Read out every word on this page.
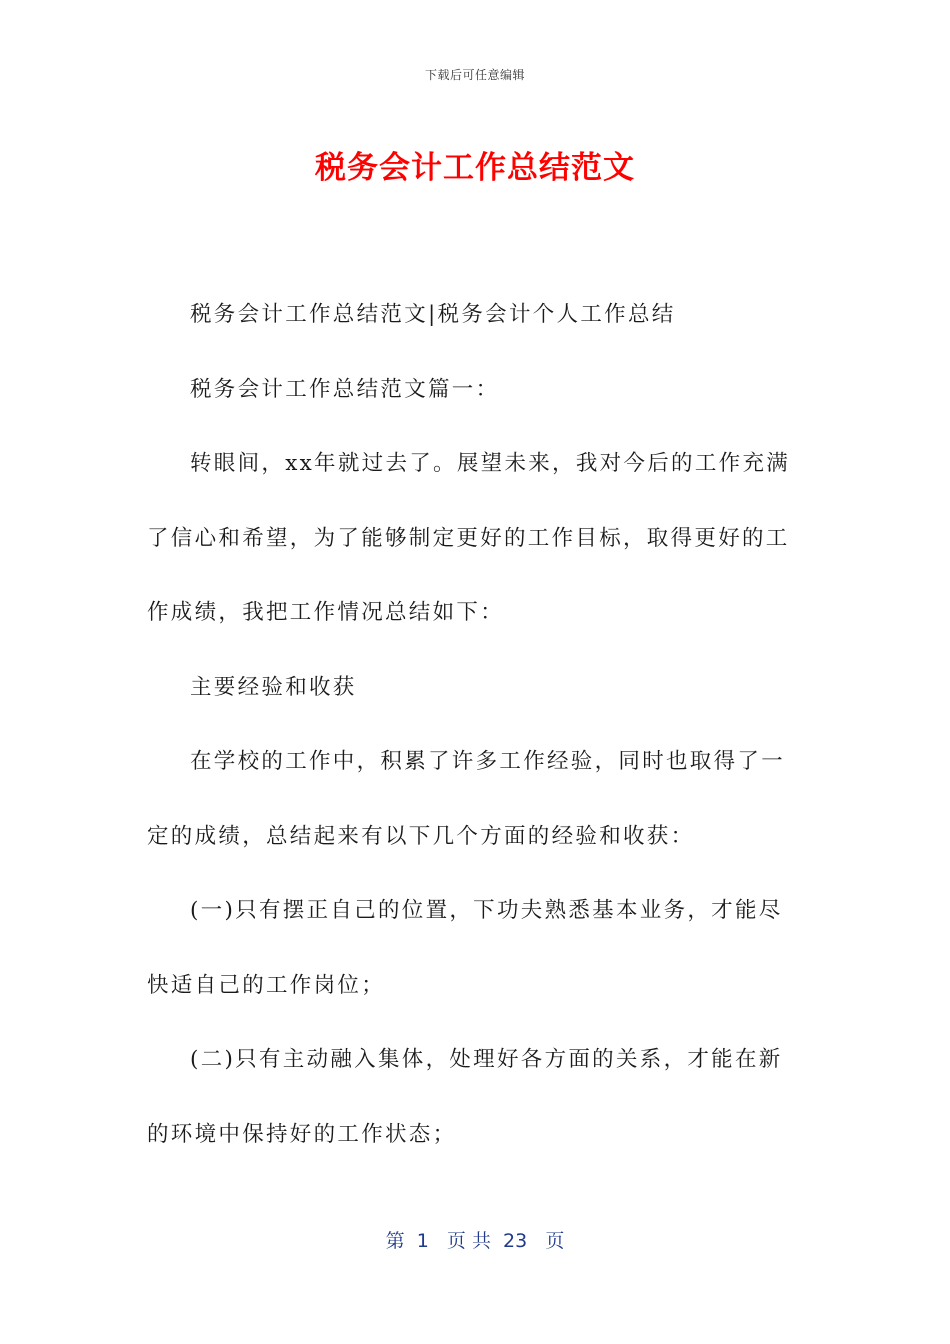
下载后可任意编辑
税务会计工作总结范文

税务会计工作总结范文|税务会计个人工作总结

税务会计工作总结范文篇一：

转眼间，xx年就过去了。展望未来，我对今后的工作充满了信心和希望，为了能够制定更好的工作目标，取得更好的工作成绩，我把工作情况总结如下：

主要经验和收获

在学校的工作中，积累了许多工作经验，同时也取得了一定的成绩，总结起来有以下几个方面的经验和收获：

(一)只有摆正自己的位置，下功夫熟悉基本业务，才能尽快适自己的工作岗位；

(二)只有主动融入集体，处理好各方面的关系，才能在新的环境中保持好的工作状态；

第  1   页 共  23   页
